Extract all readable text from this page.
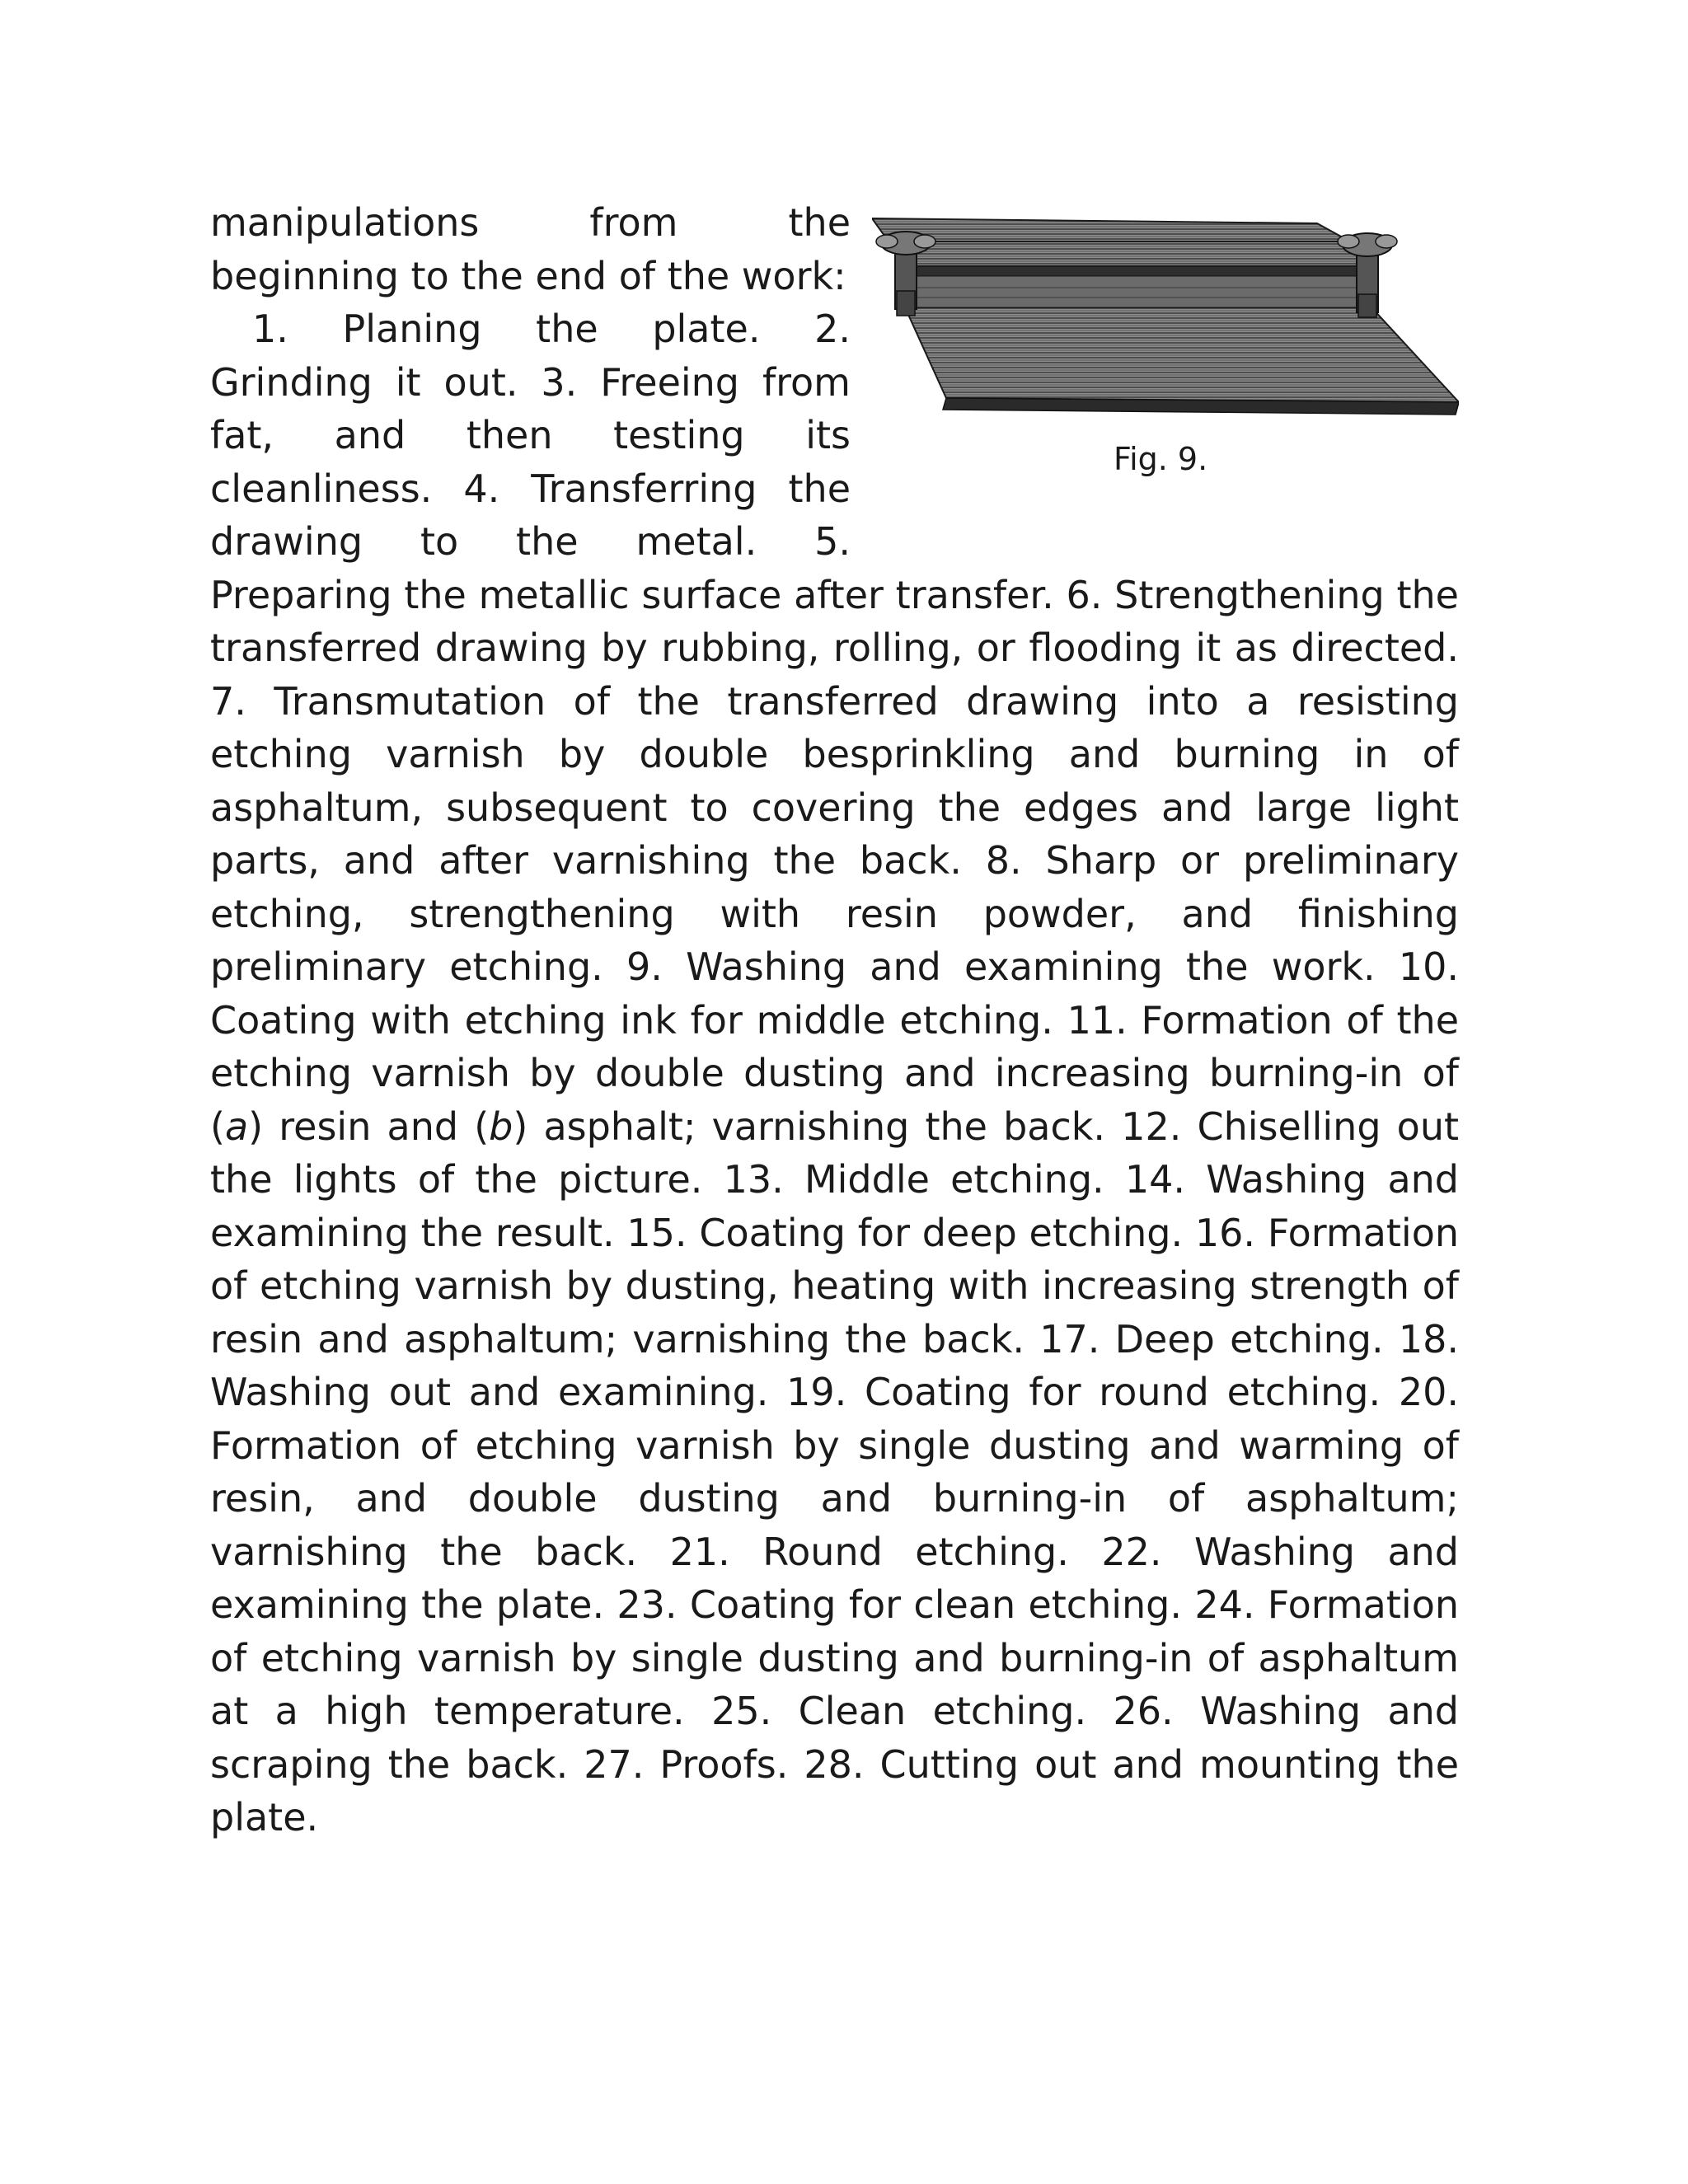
Fig. 9.

manipulations from the beginning to the end of the work:

1. Planing the plate. 2. Grinding it out. 3. Freeing from fat, and then testing its cleanliness. 4. Transferring the drawing to the metal. 5. Preparing the metallic surface after transfer. 6. Strengthening the transferred drawing by rubbing, rolling, or flooding it as directed. 7. Transmutation of the transferred drawing into a resisting etching varnish by double besprinkling and burning in of asphaltum, subsequent to covering the edges and large light parts, and after varnishing the back. 8. Sharp or preliminary etching, strengthening with resin powder, and finishing preliminary etching. 9. Washing and examining the work. 10. Coating with etching ink for middle etching. 11. Formation of the etching varnish by double dusting and increasing burning-in of (a) resin and (b) asphalt; varnishing the back. 12. Chiselling out the lights of the picture. 13. Middle etching. 14. Washing and examining the result. 15. Coating for deep etching. 16. Formation of etching varnish by dusting, heating with increasing strength of resin and asphaltum; varnishing the back. 17. Deep etching. 18. Washing out and examining. 19. Coating for round etching. 20. Formation of etching varnish by single dusting and warming of resin, and double dusting and burning-in of asphaltum; varnishing the back. 21. Round etching. 22. Washing and examining the plate. 23. Coating for clean etching. 24. Formation of etching varnish by single dusting and burning-in of asphaltum at a high temperature. 25. Clean etching. 26. Washing and scraping the back. 27. Proofs. 28. Cutting out and mounting the plate.
